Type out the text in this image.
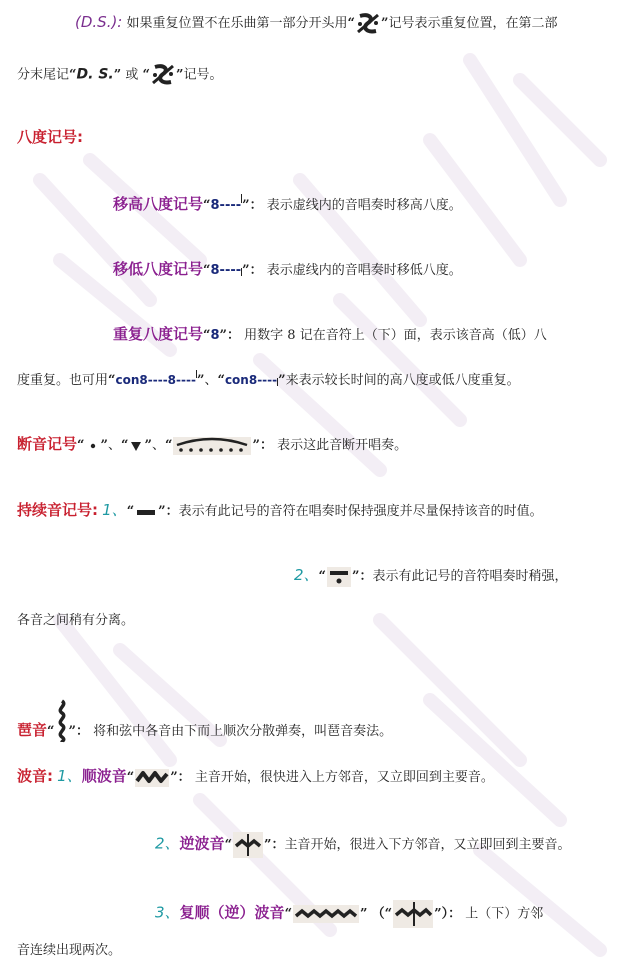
(D.S.): 如果重复位置不在乐曲第一部分开头用“ ”记号表示重复位置，在第二部
分末尾记“D. S.” 或 “ ”记号。
八度记号:
移高八度记号“8----”： 表示虚线内的音唱奏时移高八度。
移低八度记号“8----”： 表示虚线内的音唱奏时移低八度。
重复八度记号“8”： 用数字 8 记在音符上（下）面，表示该音高（低）八
度重复。也可用“con8----8----”、“con8----”来表示较长时间的高八度或低八度重复。
断音记号“ ”、“ ”、“	”： 表示这此音断开唱奏。
持续音记号: 1、“ ”：表示有此记号的音符在唱奏时保持强度并尽量保持该音的时值。
2、“ ”：表示有此记号的音符唱奏时稍强，
各音之间稍有分离。
琶音“ ”： 将和弦中各音由下而上顺次分散弹奏，叫琶音奏法。
波音: 1、顺波音“	”： 主音开始，很快进入上方邻音，又立即回到主要音。
2、逆波音“ ”：主音开始，很进入下方邻音，又立即回到主要音。
3、复顺（逆）波音“	” （“	”）： 上（下）方邻
音连续出现两次。
